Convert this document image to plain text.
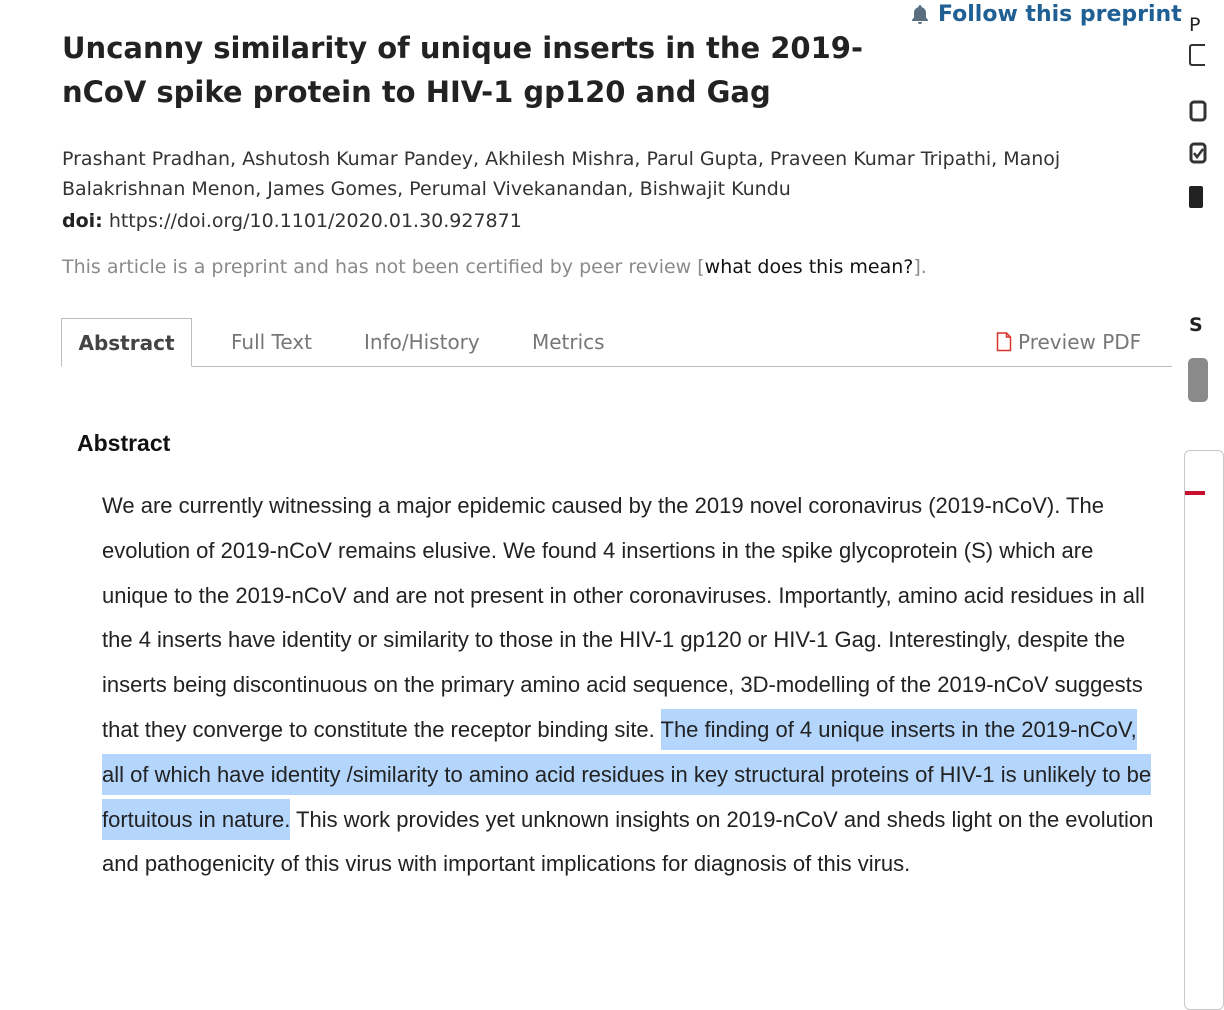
Follow this preprint
Uncanny similarity of unique inserts in the 2019-nCoV spike protein to HIV-1 gp120 and Gag
Prashant Pradhan, Ashutosh Kumar Pandey, Akhilesh Mishra, Parul Gupta, Praveen Kumar Tripathi, Manoj Balakrishnan Menon, James Gomes, Perumal Vivekanandan, Bishwajit Kundu
doi: https://doi.org/10.1101/2020.01.30.927871
This article is a preprint and has not been certified by peer review [what does this mean?].
Abstract	Full Text	Info/History	Metrics	Preview PDF
Abstract

We are currently witnessing a major epidemic caused by the 2019 novel coronavirus (2019-nCoV). The evolution of 2019-nCoV remains elusive. We found 4 insertions in the spike glycoprotein (S) which are unique to the 2019-nCoV and are not present in other coronaviruses. Importantly, amino acid residues in all the 4 inserts have identity or similarity to those in the HIV-1 gp120 or HIV-1 Gag. Interestingly, despite the inserts being discontinuous on the primary amino acid sequence, 3D-modelling of the 2019-nCoV suggests that they converge to constitute the receptor binding site. The finding of 4 unique inserts in the 2019-nCoV, all of which have identity /similarity to amino acid residues in key structural proteins of HIV-1 is unlikely to be fortuitous in nature. This work provides yet unknown insights on 2019-nCoV and sheds light on the evolution and pathogenicity of this virus with important implications for diagnosis of this virus.

P
S
